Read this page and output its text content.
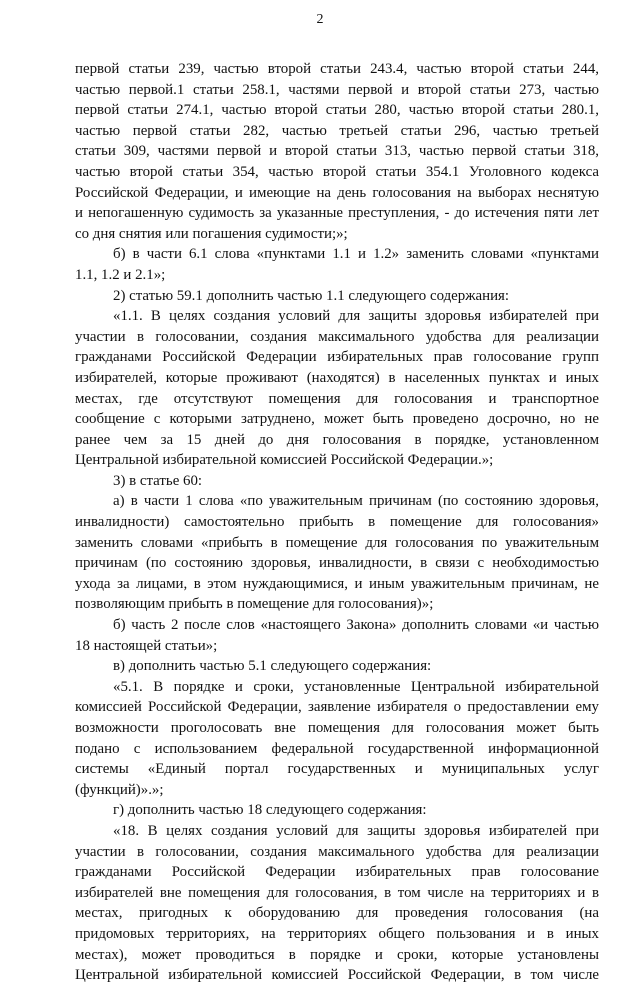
2

первой статьи 239, частью второй статьи 243.4, частью второй статьи 244,

частью первой.1 статьи 258.1, частями первой и второй статьи 273, частью

первой статьи 274.1, частью второй статьи 280, частью второй статьи 280.1,

частью первой статьи 282, частью третьей статьи 296, частью третьей

статьи 309, частями первой и второй статьи 313, частью первой статьи 318,

частью второй статьи 354, частью второй статьи 354.1 Уголовного кодекса

Российской Федерации, и имеющие на день голосования на выборах неснятую

и непогашенную судимость за указанные преступления, - до истечения пяти лет

со дня снятия или погашения судимости;»;

б) в части 6.1 слова «пунктами 1.1 и 1.2» заменить словами «пунктами

1.1, 1.2 и 2.1»;

2) статью 59.1 дополнить частью 1.1 следующего содержания:

«1.1. В целях создания условий для защиты здоровья избирателей при

участии в голосовании, создания максимального удобства для реализации

гражданами Российской Федерации избирательных прав голосование групп

избирателей, которые проживают (находятся) в населенных пунктах и иных

местах, где отсутствуют помещения для голосования и транспортное

сообщение с которыми затруднено, может быть проведено досрочно, но не

ранее чем за 15 дней до дня голосования в порядке, установленном

Центральной избирательной комиссией Российской Федерации.»;

3) в статье 60:

а) в части 1 слова «по уважительным причинам (по состоянию здоровья,

инвалидности) самостоятельно прибыть в помещение для голосования»

заменить словами «прибыть в помещение для голосования по уважительным

причинам (по состоянию здоровья, инвалидности, в связи с необходимостью

ухода за лицами, в этом нуждающимися, и иным уважительным причинам, не

позволяющим прибыть в помещение для голосования)»;

б) часть 2 после слов «настоящего Закона» дополнить словами «и частью

18 настоящей статьи»;

в) дополнить частью 5.1 следующего содержания:

«5.1. В порядке и сроки, установленные Центральной избирательной

комиссией Российской Федерации, заявление избирателя о предоставлении ему

возможности проголосовать вне помещения для голосования может быть

подано с использованием федеральной государственной информационной

системы «Единый портал государственных и муниципальных услуг

(функций)».»;

г) дополнить частью 18 следующего содержания:

«18. В целях создания условий для защиты здоровья избирателей при

участии в голосовании, создания максимального удобства для реализации

гражданами Российской Федерации избирательных прав голосование

избирателей вне помещения для голосования, в том числе на территориях и в

местах, пригодных к оборудованию для проведения голосования (на

придомовых территориях, на территориях общего пользования и в иных

местах), может проводиться в порядке и сроки, которые установлены

Центральной избирательной комиссией Российской Федерации, в том числе
